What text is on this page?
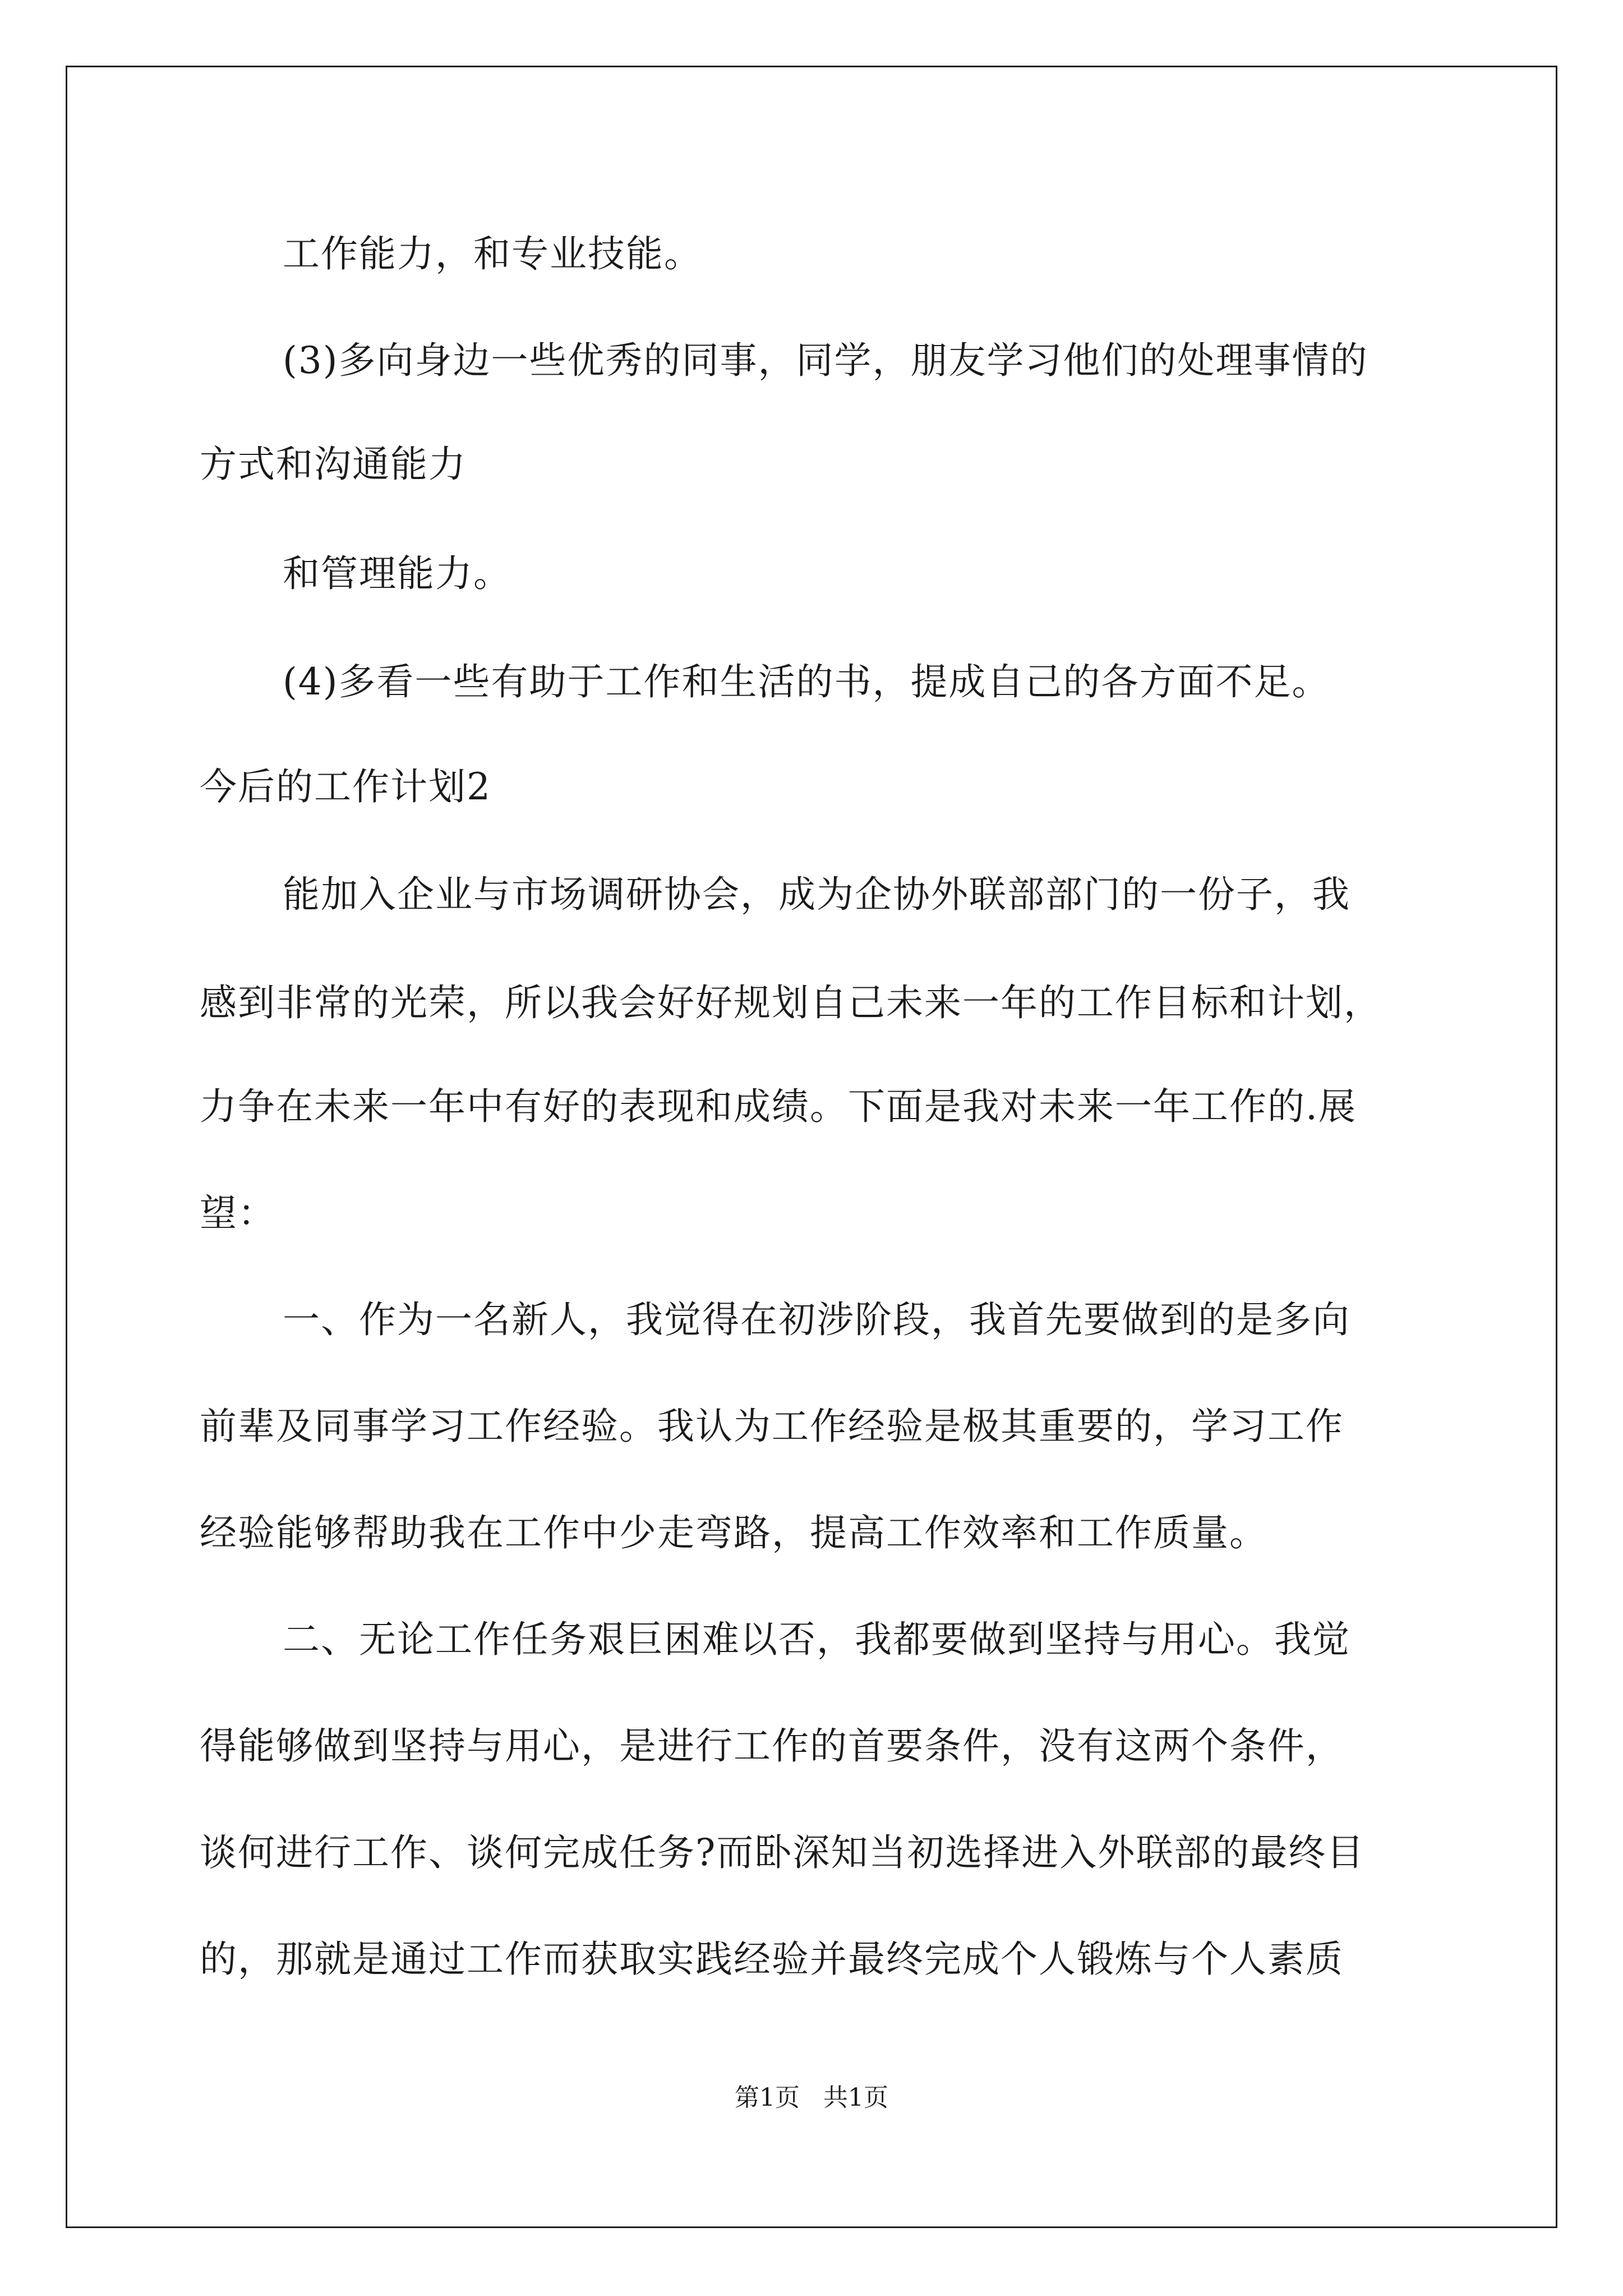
工作能力，和专业技能。
(3)多向身边一些优秀的同事，同学，朋友学习他们的处理事情的
方式和沟通能力
和管理能力。
(4)多看一些有助于工作和生活的书，提成自己的各方面不足。
今后的工作计划2
能加入企业与市场调研协会，成为企协外联部部门的一份子，我
感到非常的光荣，所以我会好好规划自己未来一年的工作目标和计划，
力争在未来一年中有好的表现和成绩。下面是我对未来一年工作的.展
望：
一、作为一名新人，我觉得在初涉阶段，我首先要做到的是多向
前辈及同事学习工作经验。我认为工作经验是极其重要的，学习工作
经验能够帮助我在工作中少走弯路，提高工作效率和工作质量。
二、无论工作任务艰巨困难以否，我都要做到坚持与用心。我觉
得能够做到坚持与用心，是进行工作的首要条件，没有这两个条件，
谈何进行工作、谈何完成任务?而卧深知当初选择进入外联部的最终目
的，那就是通过工作而获取实践经验并最终完成个人锻炼与个人素质
第1页   共1页
